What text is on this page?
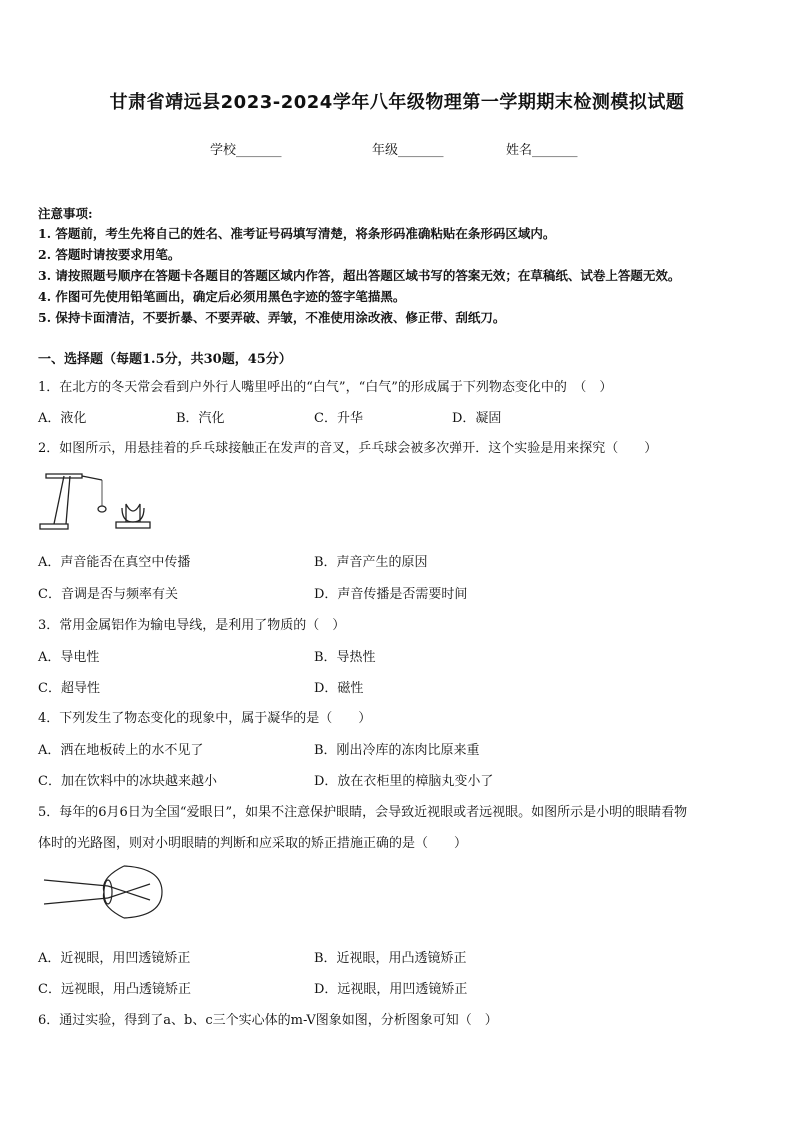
甘肃省靖远县2023-2024学年八年级物理第一学期期末检测模拟试题
学校_______	年级_______	姓名_______
注意事项:
1. 答题前，考生先将自己的姓名、准考证号码填写清楚，将条形码准确粘贴在条形码区域内。
2. 答题时请按要求用笔。
3. 请按照题号顺序在答题卡各题目的答题区域内作答，超出答题区域书写的答案无效；在草稿纸、试卷上答题无效。
4. 作图可先使用铅笔画出，确定后必须用黑色字迹的签字笔描黑。
5. 保持卡面清洁，不要折暴、不要弄破、弄皱，不准使用涂改液、修正带、刮纸刀。
一、选择题（每题1.5分，共30题，45分）
1．在北方的冬天常会看到户外行人嘴里呼出的“白气”，“白气”的形成属于下列物态变化中的　（　）
A．液化	B．汽化	C．升华	D．凝固
2．如图所示，用悬挂着的乒乓球接触正在发声的音叉，乒乓球会被多次弹开．这个实验是用来探究（　　）
A．声音能否在真空中传播	B．声音产生的原因
C．音调是否与频率有关	D．声音传播是否需要时间
3．常用金属铝作为输电导线，是利用了物质的（　）
A．导电性	B．导热性
C．超导性	D．磁性
4．下列发生了物态变化的现象中，属于凝华的是（　　）
A．洒在地板砖上的水不见了	B．刚出冷库的冻肉比原来重
C．加在饮料中的冰块越来越小	D．放在衣柜里的樟脑丸变小了
5．每年的6月6日为全国“爱眼日”，如果不注意保护眼睛，会导致近视眼或者远视眼。如图所示是小明的眼睛看物
体时的光路图，则对小明眼睛的判断和应采取的矫正措施正确的是（　　）
A．近视眼，用凹透镜矫正	B．近视眼，用凸透镜矫正
C．远视眼，用凸透镜矫正	D．远视眼，用凹透镜矫正
6．通过实验，得到了a、b、c三个实心体的m-V图象如图，分析图象可知（　）
